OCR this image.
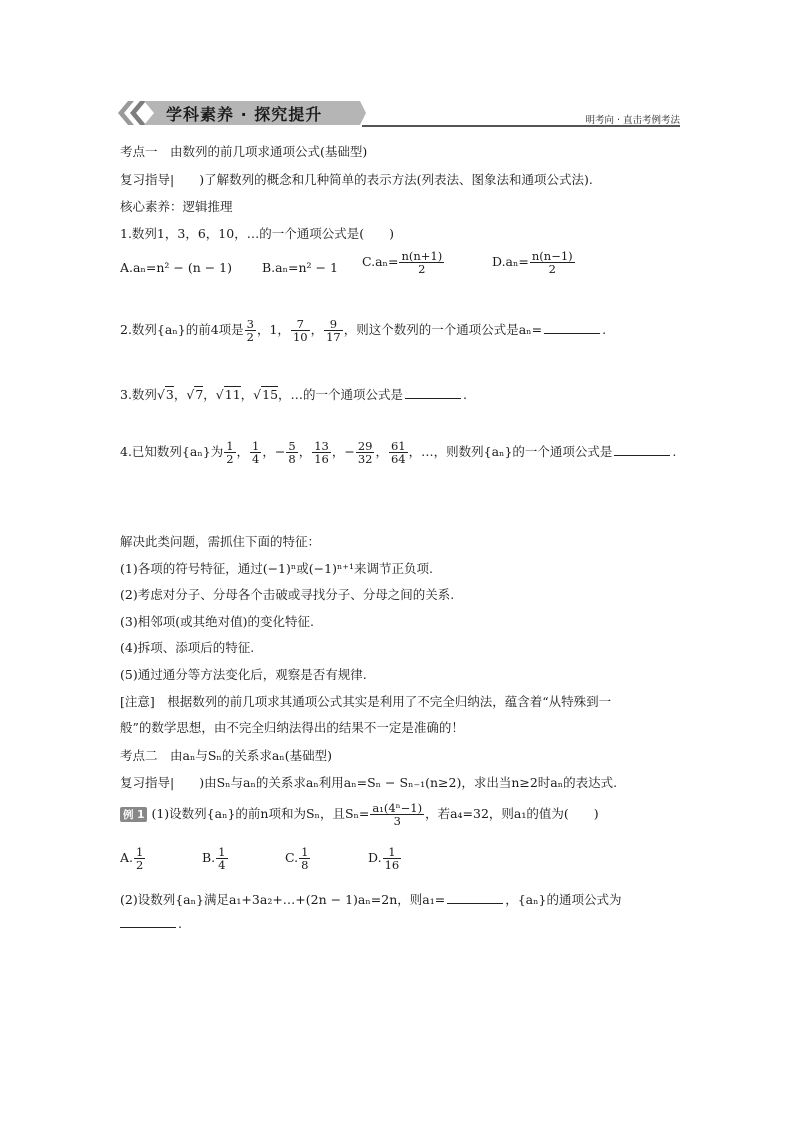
学科素养 · 探究提升	明考向 · 直击考例考法
考点一　由数列的前几项求通项公式(基础型)
复习指导|　　)了解数列的概念和几种简单的表示方法(列表法、图象法和通项公式法).
核心素养：逻辑推理
1.数列1，3，6，10，…的一个通项公式是(　　)
A.aₙ=n² − (n − 1) B.aₙ=n² − 1 $C.a_n= \frac{n(n+1)}{2}$	$D.a_n= \frac{n(n-1)}{2}$
2.数列{aₙ}的前4项是 $\frac{3}{2}$ ，1， $\frac{7}{10}$ ， $\frac{9}{17}$ ，则这个数列的一个通项公式是aₙ=	.
3.数列√3，√7，√11，√15，…的一个通项公式是	.
4.已知数列{aₙ}为 $\frac{1}{2}$ ， $\frac{1}{4}$ ，− $\frac{5}{8}$ ， $\frac{13}{16}$ ，− $\frac{29}{32}$ ， $\frac{61}{64}$ ，…，则数列{aₙ}的一个通项公式是	.
解决此类问题，需抓住下面的特征：
(1)各项的符号特征，通过(−1)ⁿ或(−1)ⁿ⁺¹来调节正负项.
(2)考虑对分子、分母各个击破或寻找分子、分母之间的关系.
(3)相邻项(或其绝对值)的变化特征.
(4)拆项、添项后的特征.
(5)通过通分等方法变化后，观察是否有规律.
[注意]　根据数列的前几项求其通项公式其实是利用了不完全归纳法，蕴含着“从特殊到一
般”的数学思想，由不完全归纳法得出的结果不一定是准确的！
考点二　由aₙ与Sₙ的关系求aₙ(基础型)
复习指导|　　)由Sₙ与aₙ的关系求aₙ利用aₙ=Sₙ − Sₙ₋₁(n≥2)，求出当n≥2时aₙ的表达式.
例 1 (1)设数列{aₙ}的前n项和为Sₙ，且$S_n= \frac{\text{a₁(4ⁿ−1)}}{3}$ ，若a₄=32，则a₁的值为(　　)
A. $\frac{1}{2}$	B. $\frac{1}{4}$	C. $\frac{1}{8}$	D. $\frac{1}{16}$
(2)设数列{aₙ}满足a₁+3a₂+…+(2n − 1)aₙ=2n，则a₁=	，{aₙ}的通项公式为
.
